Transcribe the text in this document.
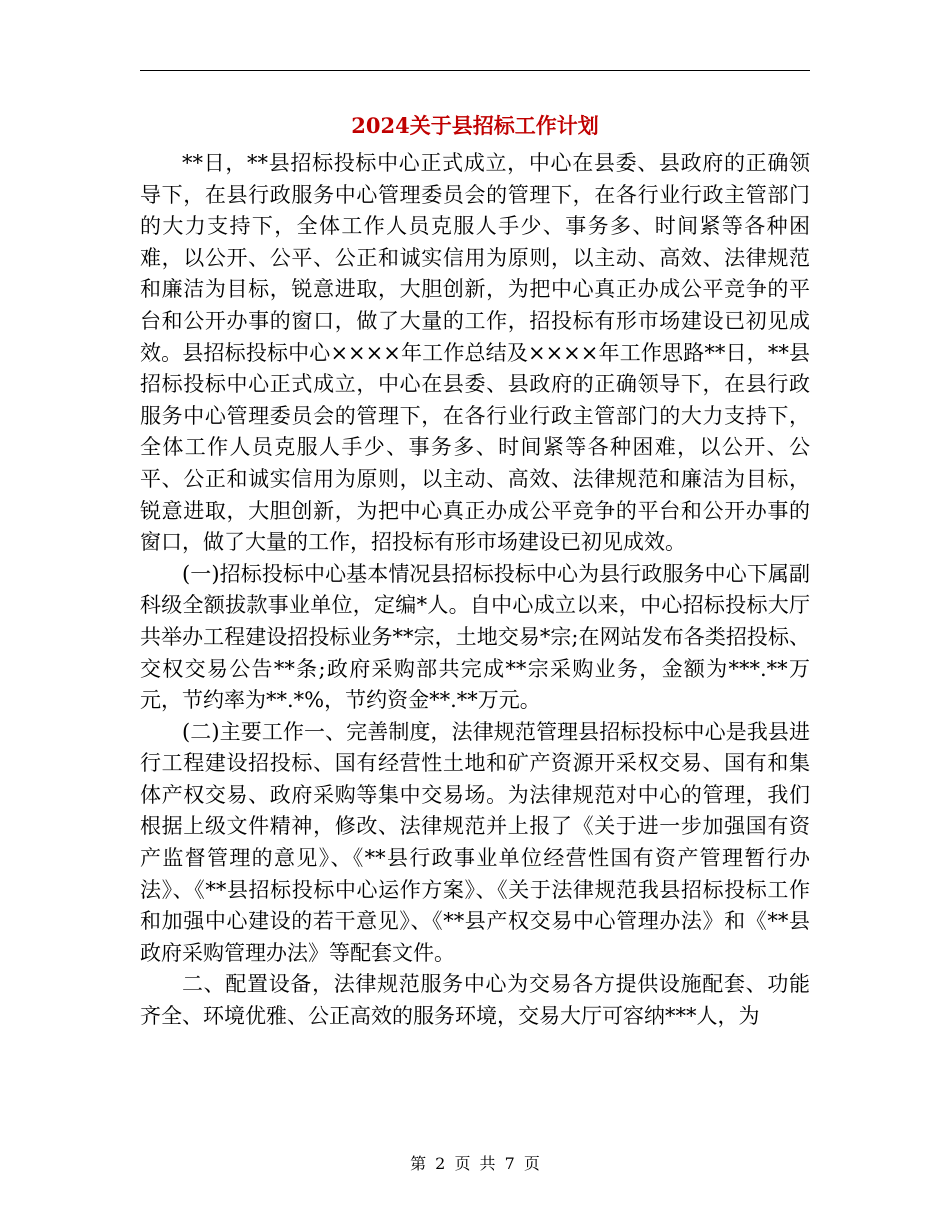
2024关于县招标工作计划

**日，**县招标投标中心正式成立，中心在县委、县政府的正确领导下，在县行政服务中心管理委员会的管理下，在各行业行政主管部门的大力支持下，全体工作人员克服人手少、事务多、时间紧等各种困难，以公开、公平、公正和诚实信用为原则，以主动、高效、法律规范和廉洁为目标，锐意进取，大胆创新，为把中心真正办成公平竞争的平台和公开办事的窗口，做了大量的工作，招投标有形市场建设已初见成效。县招标投标中心××××年工作总结及××××年工作思路**日，**县招标投标中心正式成立，中心在县委、县政府的正确领导下，在县行政服务中心管理委员会的管理下，在各行业行政主管部门的大力支持下，全体工作人员克服人手少、事务多、时间紧等各种困难，以公开、公平、公正和诚实信用为原则，以主动、高效、法律规范和廉洁为目标，锐意进取，大胆创新，为把中心真正办成公平竞争的平台和公开办事的窗口，做了大量的工作，招投标有形市场建设已初见成效。

(一)招标投标中心基本情况县招标投标中心为县行政服务中心下属副科级全额拔款事业单位，定编*人。自中心成立以来，中心招标投标大厅共举办工程建设招投标业务**宗，土地交易*宗;在网站发布各类招投标、交权交易公告**条;政府采购部共完成**宗采购业务，金额为***.**万元，节约率为**.*%，节约资金**.**万元。

(二)主要工作一、完善制度，法律规范管理县招标投标中心是我县进行工程建设招投标、国有经营性土地和矿产资源开采权交易、国有和集体产权交易、政府采购等集中交易场。为法律规范对中心的管理，我们根据上级文件精神，修改、法律规范并上报了《关于进一步加强国有资产监督管理的意见》、《**县行政事业单位经营性国有资产管理暂行办法》、《**县招标投标中心运作方案》、《关于法律规范我县招标投标工作和加强中心建设的若干意见》、《**县产权交易中心管理办法》和《**县政府采购管理办法》等配套文件。

二、配置设备，法律规范服务中心为交易各方提供设施配套、功能齐全、环境优雅、公正高效的服务环境，交易大厅可容纳***人，为

第 2 页 共 7 页
